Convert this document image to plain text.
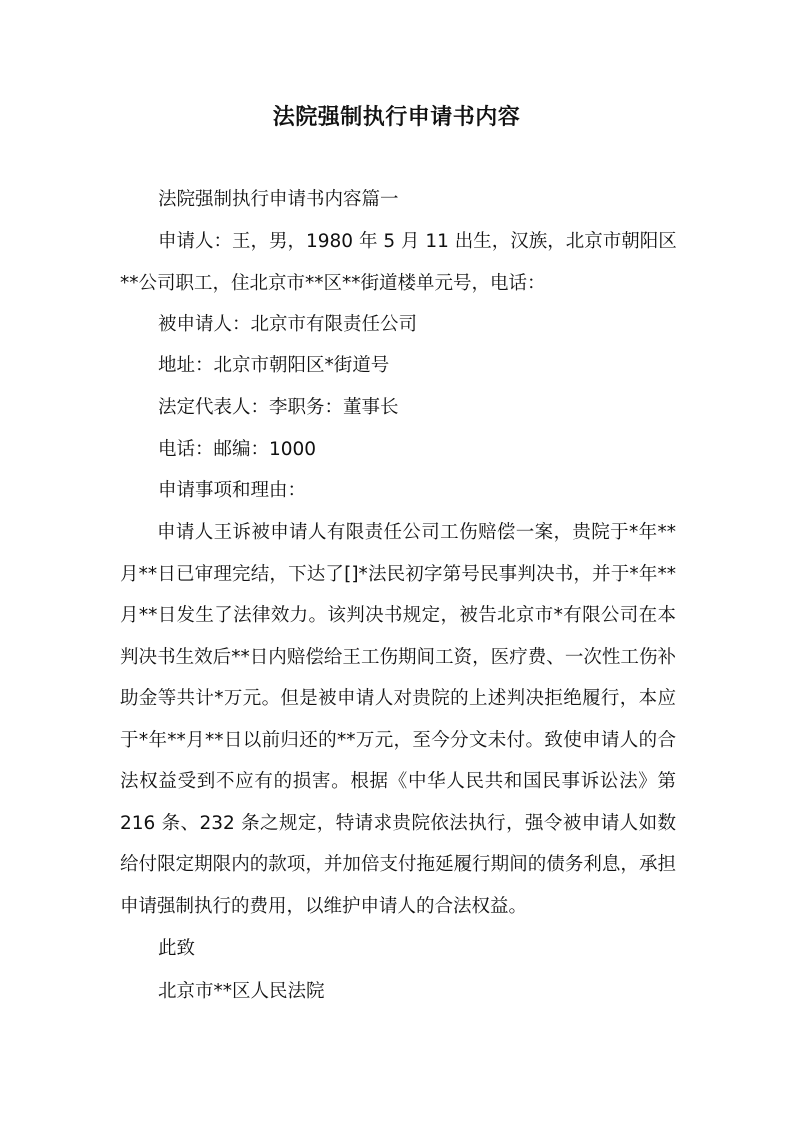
法院强制执行申请书内容
法院强制执行申请书内容篇一
申请人：王，男，1980 年 5 月 11 出生，汉族，北京市朝阳区
**公司职工，住北京市**区**街道楼单元号，电话：
被申请人：北京市有限责任公司
地址：北京市朝阳区*街道号
法定代表人：李职务：董事长
电话：邮编：1000
申请事项和理由：

申请人王诉被申请人有限责任公司工伤赔偿一案，贵院于*年**月**日已审理完结，下达了[]*法民初字第号民事判决书，并于*年**月**日发生了法律效力。该判决书规定，被告北京市*有限公司在本判决书生效后**日内赔偿给王工伤期间工资，医疗费、一次性工伤补助金等共计*万元。但是被申请人对贵院的上述判决拒绝履行，本应于*年**月**日以前归还的**万元，至今分文未付。致使申请人的合法权益受到不应有的损害。根据《中华人民共和国民事诉讼法》第 216 条、232 条之规定，特请求贵院依法执行，强令被申请人如数给付限定期限内的款项，并加倍支付拖延履行期间的债务利息，承担申请强制执行的费用，以维护申请人的合法权益。

此致
北京市**区人民法院
